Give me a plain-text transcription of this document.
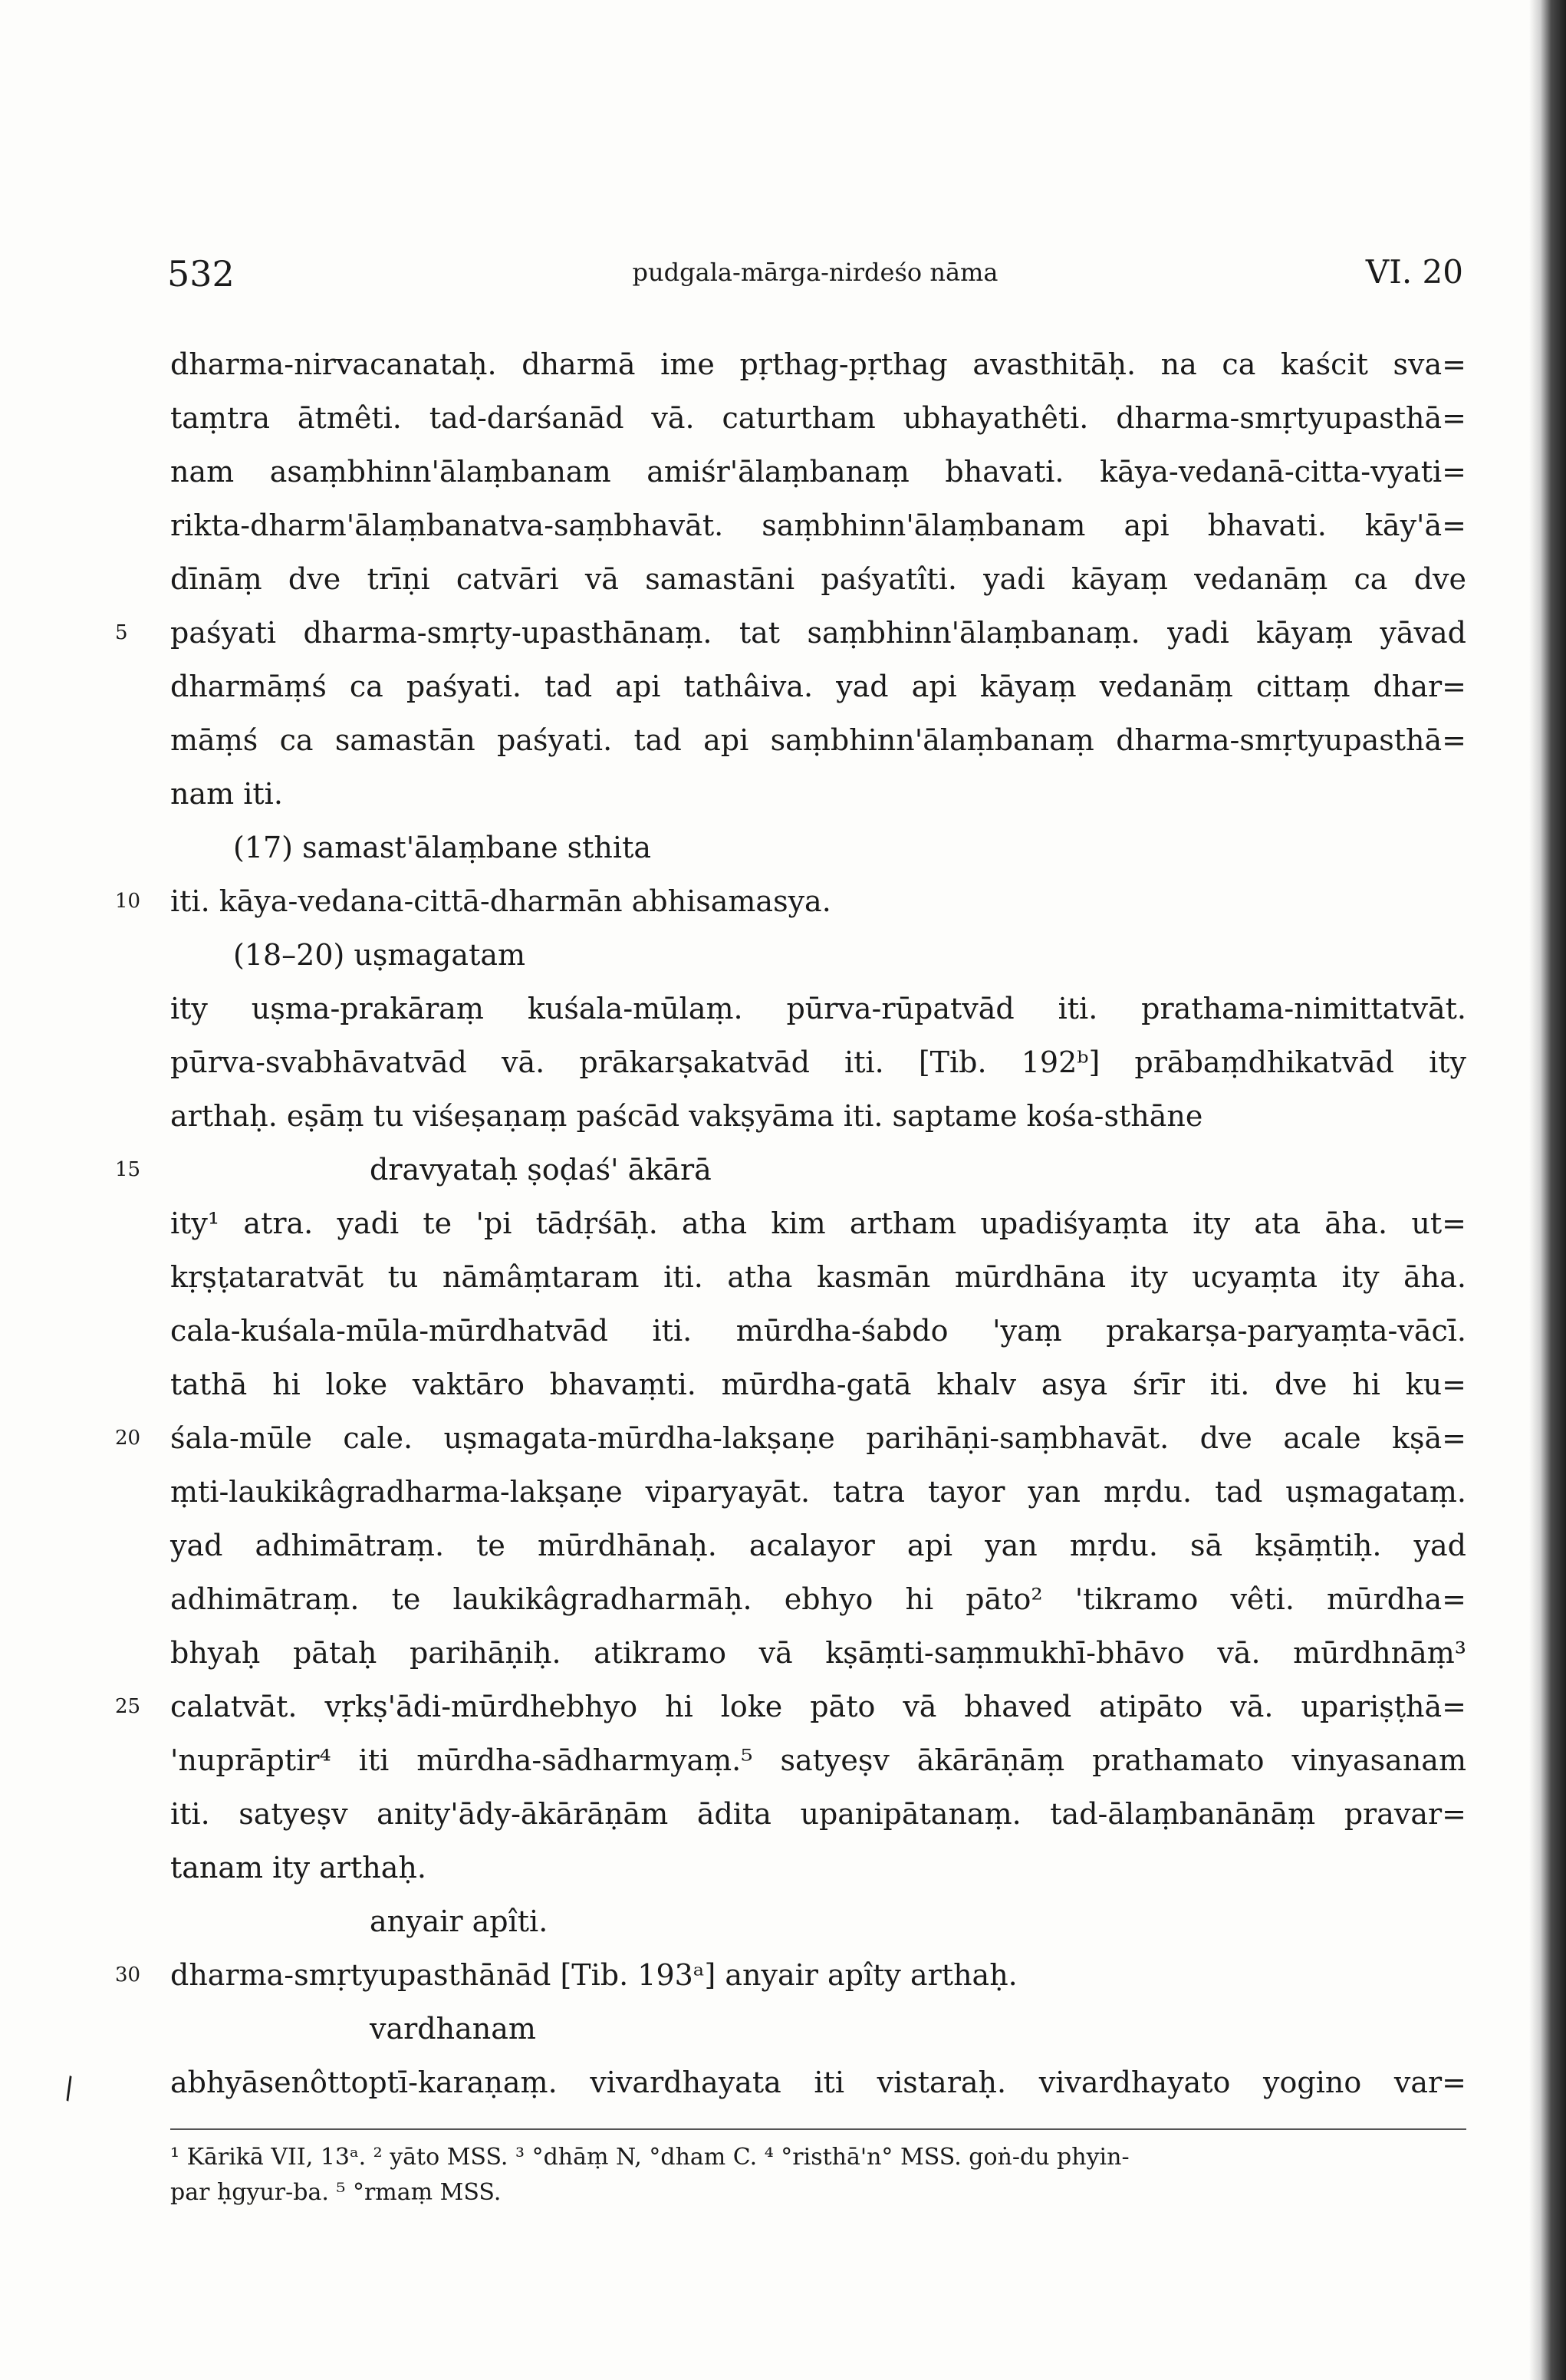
532	pudgala-mārga-nirdeśo nāma	VI. 20
\
5
10
15
20
25
30
dharma-nirvacanataḥ. dharmā ime pṛthag-pṛthag avasthitāḥ. na ca kaścit sva=
taṃtra ātmêti. tad-darśanād vā. caturtham ubhayathêti. dharma-smṛtyupasthā=
nam asaṃbhinn'ālaṃbanam amiśr'ālaṃbanaṃ bhavati. kāya-vedanā-citta-vyati=
rikta-dharm'ālaṃbanatva-saṃbhavāt. saṃbhinn'ālaṃbanam api bhavati. kāy'ā=
dīnāṃ dve trīṇi catvāri vā samastāni paśyatîti. yadi kāyaṃ vedanāṃ ca dve
paśyati dharma-smṛty-upasthānaṃ. tat saṃbhinn'ālaṃbanaṃ. yadi kāyaṃ yāvad
dharmāṃś ca paśyati. tad api tathâiva. yad api kāyaṃ vedanāṃ cittaṃ dhar=
māṃś ca samastān paśyati. tad api saṃbhinn'ālaṃbanaṃ dharma-smṛtyupasthā=
nam iti.
(17) samast'ālaṃbane sthita
iti. kāya-vedana-cittā-dharmān abhisamasya.
(18–20) uṣmagatam
ity uṣma-prakāraṃ kuśala-mūlaṃ. pūrva-rūpatvād iti. prathama-nimittatvāt.
pūrva-svabhāvatvād vā. prākarṣakatvād iti. [Tib. 192ᵇ] prābaṃdhikatvād ity
arthaḥ. eṣāṃ tu viśeṣaṇaṃ paścād vakṣyāma iti. saptame kośa-sthāne
dravyataḥ ṣoḍaś' ākārā
ity¹ atra. yadi te 'pi tādṛśāḥ. atha kim artham upadiśyaṃta ity ata āha. ut=
kṛṣṭataratvāt tu nāmâṃtaram iti. atha kasmān mūrdhāna ity ucyaṃta ity āha.
cala-kuśala-mūla-mūrdhatvād iti. mūrdha-śabdo 'yaṃ prakarṣa-paryaṃta-vācī.
tathā hi loke vaktāro bhavaṃti. mūrdha-gatā khalv asya śrīr iti. dve hi ku=
śala-mūle cale. uṣmagata-mūrdha-lakṣaṇe parihāṇi-saṃbhavāt. dve acale kṣā=
ṃti-laukikâgradharma-lakṣaṇe viparyayāt. tatra tayor yan mṛdu. tad uṣmagataṃ.
yad adhimātraṃ. te mūrdhānaḥ. acalayor api yan mṛdu. sā kṣāṃtiḥ. yad
adhimātraṃ. te laukikâgradharmāḥ. ebhyo hi pāto² 'tikramo vêti. mūrdha=
bhyaḥ pātaḥ parihāṇiḥ. atikramo vā kṣāṃti-saṃmukhī-bhāvo vā. mūrdhnāṃ³
calatvāt. vṛkṣ'ādi-mūrdhebhyo hi loke pāto vā bhaved atipāto vā. upariṣṭhā=
'nuprāptir⁴ iti mūrdha-sādharmyaṃ.⁵ satyeṣv ākārāṇāṃ prathamato vinyasanam
iti. satyeṣv anity'ādy-ākārāṇām ādita upanipātanaṃ. tad-ālaṃbanānāṃ pravar=
tanam ity arthaḥ.
anyair apîti.
dharma-smṛtyupasthānād [Tib. 193ᵃ] anyair apîty arthaḥ.
vardhanam
abhyāsenôttoptī-karaṇaṃ. vivardhayata iti vistaraḥ. vivardhayato yogino var=
¹ Kārikā VII, 13ᵃ. ² yāto MSS. ³ °dhāṃ N, °dham C. ⁴ °risthā'n° MSS. goṅ-du phyin-
par ḥgyur-ba. ⁵ °rmaṃ MSS.
